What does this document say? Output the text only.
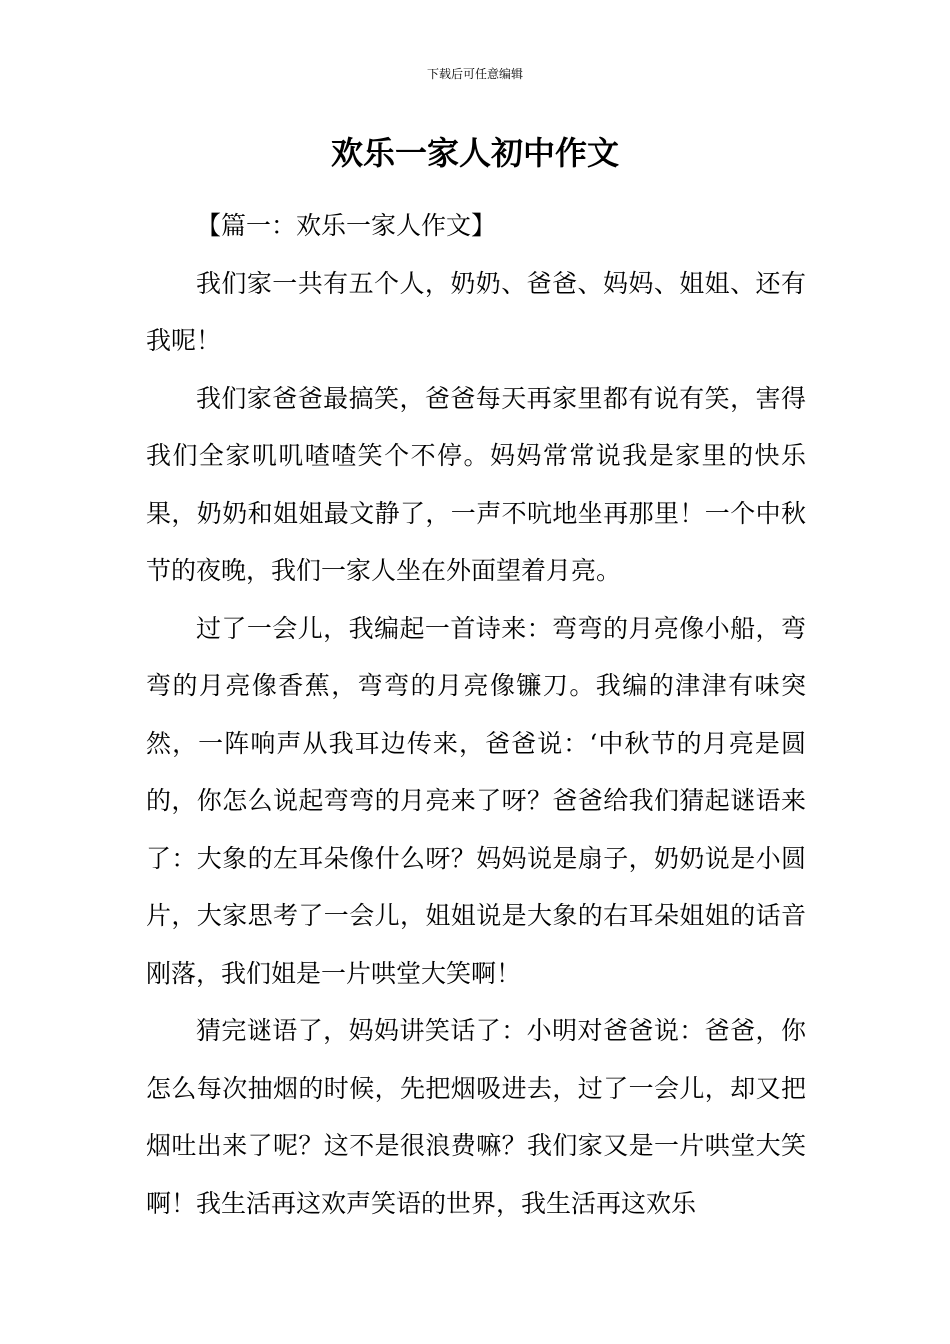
下载后可任意编辑
欢乐一家人初中作文

【篇一：欢乐一家人作文】

我们家一共有五个人，奶奶、爸爸、妈妈、姐姐、还有我呢！

我们家爸爸最搞笑，爸爸每天再家里都有说有笑，害得我们全家叽叽喳喳笑个不停。妈妈常常说我是家里的快乐果，奶奶和姐姐最文静了，一声不吭地坐再那里！一个中秋节的夜晚，我们一家人坐在外面望着月亮。

过了一会儿，我编起一首诗来：弯弯的月亮像小船，弯弯的月亮像香蕉，弯弯的月亮像镰刀。我编的津津有味突然，一阵响声从我耳边传来，爸爸说：‘中秋节的月亮是圆的，你怎么说起弯弯的月亮来了呀？爸爸给我们猜起谜语来了：大象的左耳朵像什么呀？妈妈说是扇子，奶奶说是小圆片，大家思考了一会儿，姐姐说是大象的右耳朵姐姐的话音刚落，我们姐是一片哄堂大笑啊！

猜完谜语了，妈妈讲笑话了：小明对爸爸说：爸爸，你怎么每次抽烟的时候，先把烟吸进去，过了一会儿，却又把烟吐出来了呢？这不是很浪费嘛？我们家又是一片哄堂大笑啊！我生活再这欢声笑语的世界，我生活再这欢乐
